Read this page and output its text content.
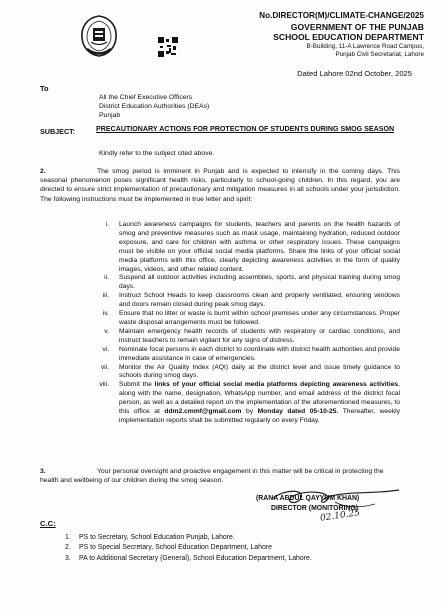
No.DIRECTOR(M)/CLIMATE-CHANGE/2025
GOVERNMENT OF THE PUNJAB
SCHOOL EDUCATION DEPARTMENT
B-Building, 11-A Lawrence Road Campus,
Punjab Civil Secretariat, Lahore
Dated Lahore 02nd October, 2025
To
All the Chief Executive Officers
District Education Authorities (DEAs)
Punjab
SUBJECT:	PRECAUTIONARY ACTIONS FOR PROTECTION OF STUDENTS DURING SMOG SEASON
Kindly refer to the subject cited above.
2.	The smog period is imminent in Punjab and is expected to intensify in the coming days. This seasonal phenomenon poses significant health risks, particularly to school-going children. In this regard, you are directed to ensure strict implementation of precautionary and mitigation measures in all schools under your jurisdiction. The following instructions must be implemented in true letter and spirit:
i. Launch awareness campaigns for students, teachers and parents on the health hazards of smog and preventive measures such as mask usage, maintaining hydration, reduced outdoor exposure, and care for children with asthma or other respiratory issues. These campaigns must be visible on your official social media platforms. Share the links of your official social media platforms with this office, clearly depicting awareness activities in the form of quality images, videos, and other related content.
ii. Suspend all outdoor activities including assemblies, sports, and physical training during smog days.
iii. Instruct School Heads to keep classrooms clean and properly ventilated, ensuring windows and doors remain closed during peak smog days.
iv. Ensure that no litter or waste is burnt within school premises under any circumstances. Proper waste disposal arrangements must be followed.
v. Maintain emergency health records of students with respiratory or cardiac conditions, and instruct teachers to remain vigilant for any signs of distress.
vi. Nominate focal persons in each district to coordinate with district health authorities and provide immediate assistance in case of emergencies.
vii. Monitor the Air Quality Index (AQI) daily at the district level and issue timely guidance to schools during smog days.
viii. Submit the links of your official social media platforms depicting awareness activities, along with the name, designation, WhatsApp number, and email address of the district focal person, as well as a detailed report on the implementation of the aforementioned measures, to this office at ddm2.cmmf@gmail.com by Monday dated 05-10-25. Thereafter, weekly implementation reports shall be submitted regularly on every Friday.
3.	Your personal oversight and proactive engagement in this matter will be critical in protecting the health and wellbeing of our children during the smog season.
(RANA ABDUL QAYYUM KHAN)
DIRECTOR (MONITORING)
02.10.25
C.C:
1. PS to Secretary, School Education Punjab, Lahore.
2. PS to Special Secretary, School Education Department, Lahore
3. PA to Additional Secretary (General), School Education Department, Lahore.
